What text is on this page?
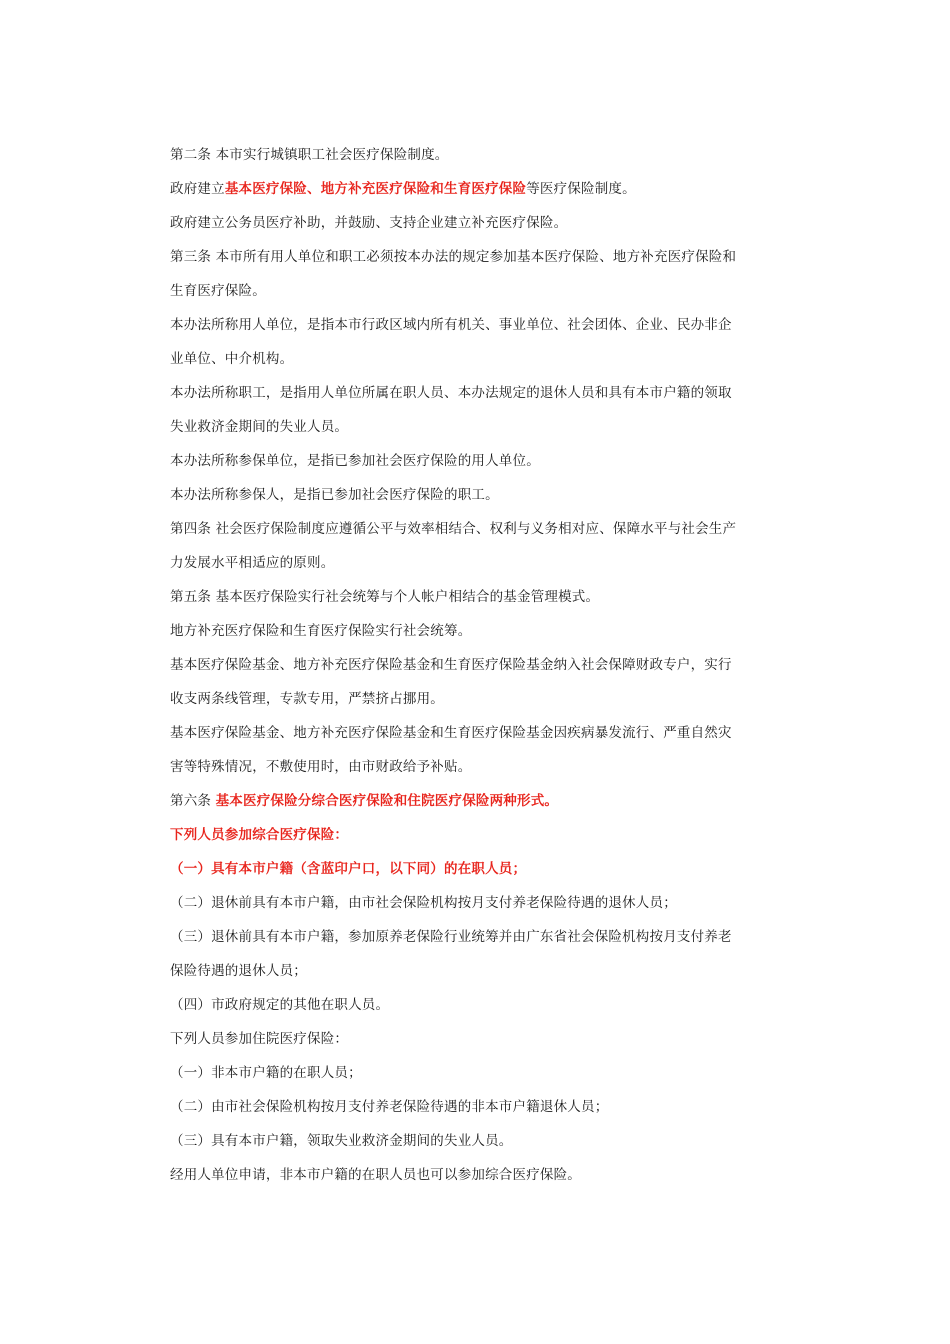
第二条 本市实行城镇职工社会医疗保险制度。
政府建立基本医疗保险、地方补充医疗保险和生育医疗保险等医疗保险制度。
政府建立公务员医疗补助，并鼓励、支持企业建立补充医疗保险。
第三条 本市所有用人单位和职工必须按本办法的规定参加基本医疗保险、地方补充医疗保险和
生育医疗保险。
本办法所称用人单位，是指本市行政区域内所有机关、事业单位、社会团体、企业、民办非企
业单位、中介机构。
本办法所称职工，是指用人单位所属在职人员、本办法规定的退休人员和具有本市户籍的领取
失业救济金期间的失业人员。
本办法所称参保单位，是指已参加社会医疗保险的用人单位。
本办法所称参保人，是指已参加社会医疗保险的职工。
第四条 社会医疗保险制度应遵循公平与效率相结合、权利与义务相对应、保障水平与社会生产
力发展水平相适应的原则。
第五条 基本医疗保险实行社会统筹与个人帐户相结合的基金管理模式。
地方补充医疗保险和生育医疗保险实行社会统筹。
基本医疗保险基金、地方补充医疗保险基金和生育医疗保险基金纳入社会保障财政专户，实行
收支两条线管理，专款专用，严禁挤占挪用。
基本医疗保险基金、地方补充医疗保险基金和生育医疗保险基金因疾病暴发流行、严重自然灾
害等特殊情况，不敷使用时，由市财政给予补贴。
第六条 基本医疗保险分综合医疗保险和住院医疗保险两种形式。
下列人员参加综合医疗保险：
（一）具有本市户籍（含蓝印户口，以下同）的在职人员；
（二）退休前具有本市户籍，由市社会保险机构按月支付养老保险待遇的退休人员；
（三）退休前具有本市户籍，参加原养老保险行业统筹并由广东省社会保险机构按月支付养老
保险待遇的退休人员；
（四）市政府规定的其他在职人员。
下列人员参加住院医疗保险：
（一）非本市户籍的在职人员；
（二）由市社会保险机构按月支付养老保险待遇的非本市户籍退休人员；
（三）具有本市户籍，领取失业救济金期间的失业人员。
经用人单位申请，非本市户籍的在职人员也可以参加综合医疗保险。
